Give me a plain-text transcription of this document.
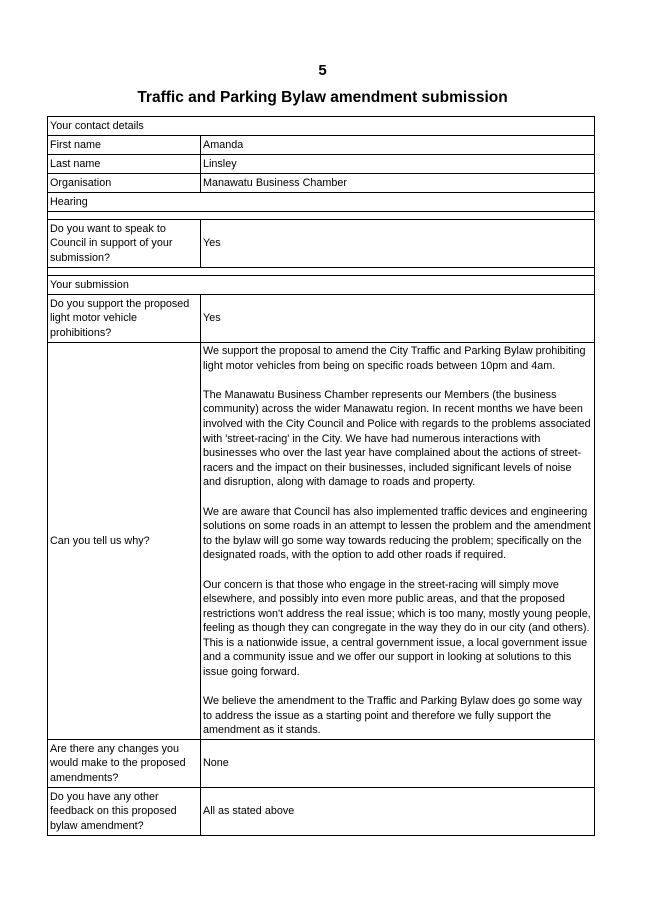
5
Traffic and Parking Bylaw amendment submission
Your contact details	
First name	Amanda
Last name	Linsley
Organisation	Manawatu Business Chamber
Hearing	

Do you want to speak to Council in support of your submission?	Yes

Your submission	
Do you support the proposed light motor vehicle prohibitions?	Yes
Can you tell us why?	We support the proposal to amend the City Traffic and Parking Bylaw prohibiting light motor vehicles from being on specific roads between 10pm and 4am.

The Manawatu Business Chamber represents our Members (the business community) across the wider Manawatu region. In recent months we have been involved with the City Council and Police with regards to the problems associated with 'street-racing' in the City. We have had numerous interactions with businesses who over the last year have complained about the actions of street-racers and the impact on their businesses, included significant levels of noise and disruption, along with damage to roads and property.

We are aware that Council has also implemented traffic devices and engineering solutions on some roads in an attempt to lessen the problem and the amendment to the bylaw will go some way towards reducing the problem; specifically on the designated roads, with the option to add other roads if required.

Our concern is that those who engage in the street-racing will simply move elsewhere, and possibly into even more public areas, and that the proposed restrictions won't address the real issue; which is too many, mostly young people, feeling as though they can congregate in the way they do in our city (and others). This is a nationwide issue, a central government issue, a local government issue and a community issue and we offer our support in looking at solutions to this issue going forward.

We believe the amendment to the Traffic and Parking Bylaw does go some way to address the issue as a starting point and therefore we fully support the amendment as it stands.

Are there any changes you would make to the proposed amendments?	None
Do you have any other feedback on this proposed bylaw amendment?	All as stated above
